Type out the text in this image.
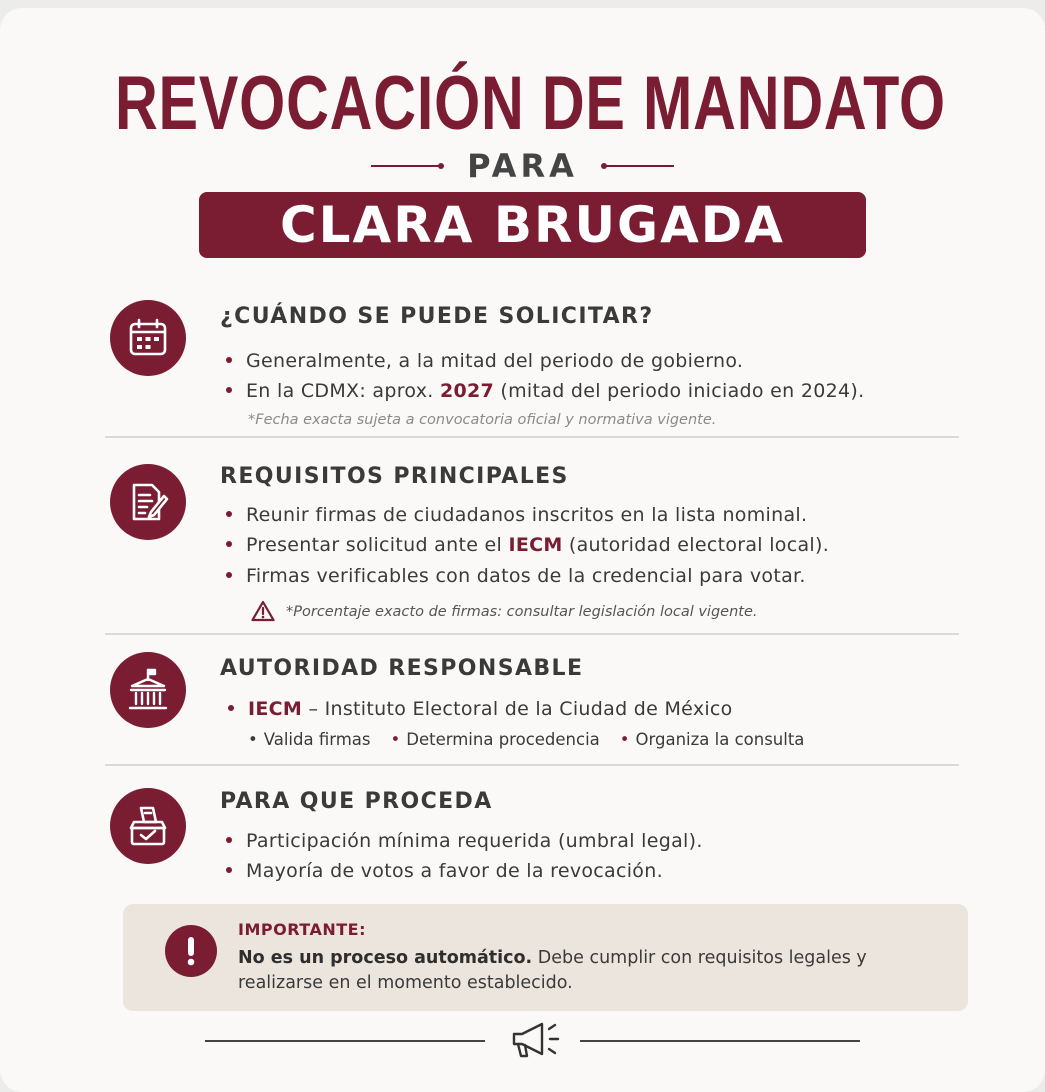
REVOCACIÓN DE MANDATO
PARA
CLARA BRUGADA
¿CUÁNDO SE PUEDE SOLICITAR?
Generalmente, a la mitad del periodo de gobierno.
En la CDMX: aprox. 2027 (mitad del periodo iniciado en 2024).
*Fecha exacta sujeta a convocatoria oficial y normativa vigente.
REQUISITOS PRINCIPALES
Reunir firmas de ciudadanos inscritos en la lista nominal.
Presentar solicitud ante el IECM (autoridad electoral local).
Firmas verificables con datos de la credencial para votar.
*Porcentaje exacto de firmas: consultar legislación local vigente.
AUTORIDAD RESPONSABLE
IECM – Instituto Electoral de la Ciudad de México
• Valida firmas	• Determina procedencia	• Organiza la consulta
PARA QUE PROCEDA
Participación mínima requerida (umbral legal).
Mayoría de votos a favor de la revocación.
IMPORTANTE:
No es un proceso automático. Debe cumplir con requisitos legales y realizarse en el momento establecido.
